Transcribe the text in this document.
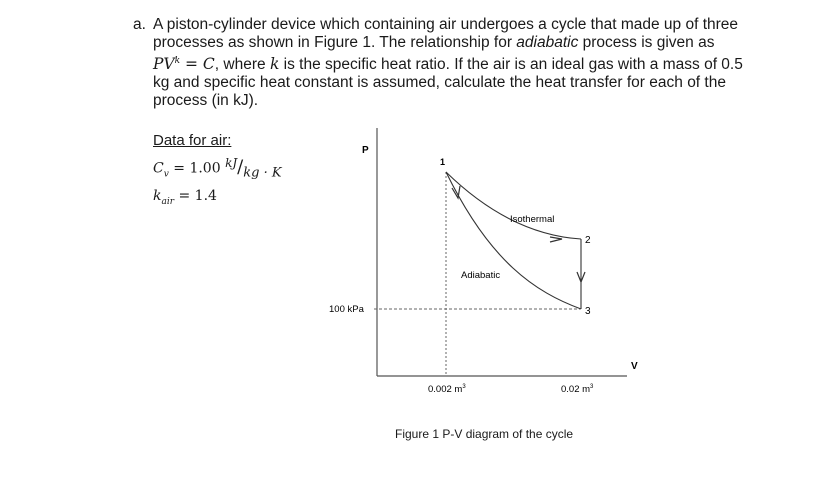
a. A piston-cylinder device which containing air undergoes a cycle that made up of three processes as shown in Figure 1. The relationship for adiabatic process is given as $PV^k = C$, where k is the specific heat ratio. If the air is an ideal gas with a mass of 0.5 kg and specific heat constant is assumed, calculate the heat transfer for each of the process (in kJ).
Data for air:
$C_v = 1.00$ $^{kJ}/_{kg \cdot K}$
$k_{air} = 1.4$
P
V
1
2
3
Isothermal
Adiabatic
100 kPa
0.002 $m^3$	0.02 $m^3$
Figure 1 P-V diagram of the cycle
